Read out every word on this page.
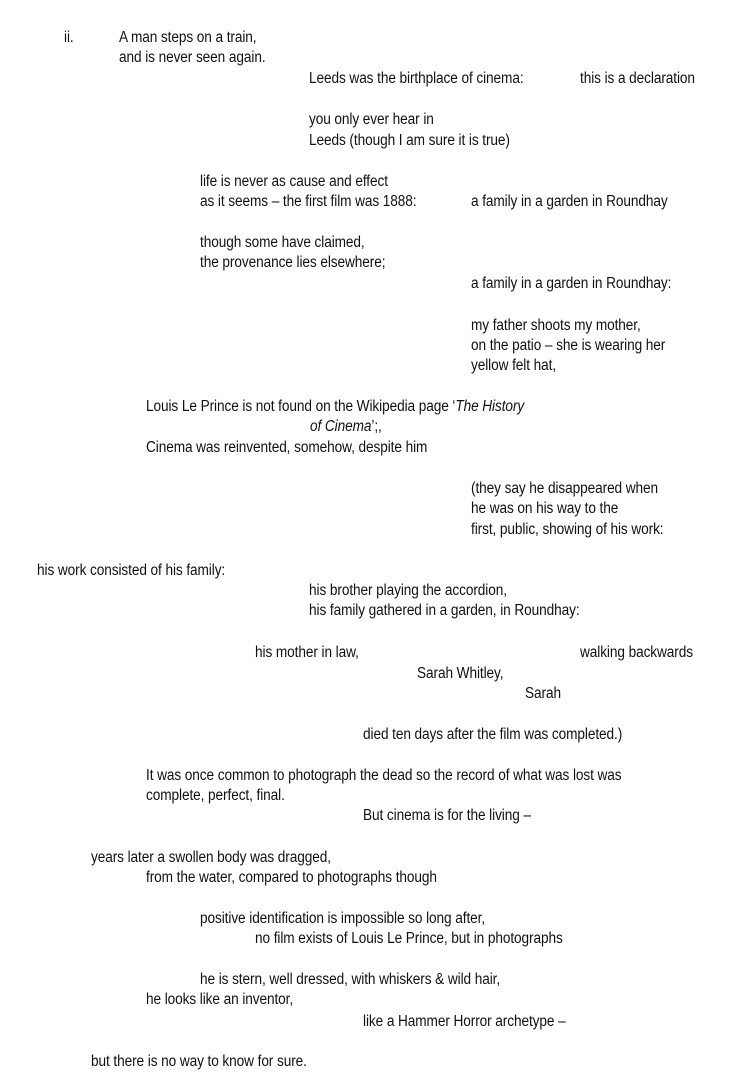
ii.	A man steps on a train,
and is never seen again.
Leeds was the birthplace of cinema:	this is a declaration
you only ever hear in
Leeds (though I am sure it is true)
life is never as cause and effect
as it seems – the first film was 1888:	a family in a garden in Roundhay
though some have claimed,
the provenance lies elsewhere;
a family in a garden in Roundhay:
my father shoots my mother,
on the patio – she is wearing her
yellow felt hat,
Louis Le Prince is not found on the Wikipedia page ‘The History
of Cinema’;,
Cinema was reinvented, somehow, despite him
(they say he disappeared when
he was on his way to the
first, public, showing of his work:
his work consisted of his family:
his brother playing the accordion,
his family gathered in a garden, in Roundhay:
his mother in law,	walking backwards
Sarah Whitley,
Sarah
died ten days after the film was completed.)
It was once common to photograph the dead so the record of what was lost was
complete, perfect, final.
But cinema is for the living –
years later a swollen body was dragged,
from the water, compared to photographs though
positive identification is impossible so long after,
no film exists of Louis Le Prince, but in photographs
he is stern, well dressed, with whiskers & wild hair,
he looks like an inventor,
like a Hammer Horror archetype –
but there is no way to know for sure.
